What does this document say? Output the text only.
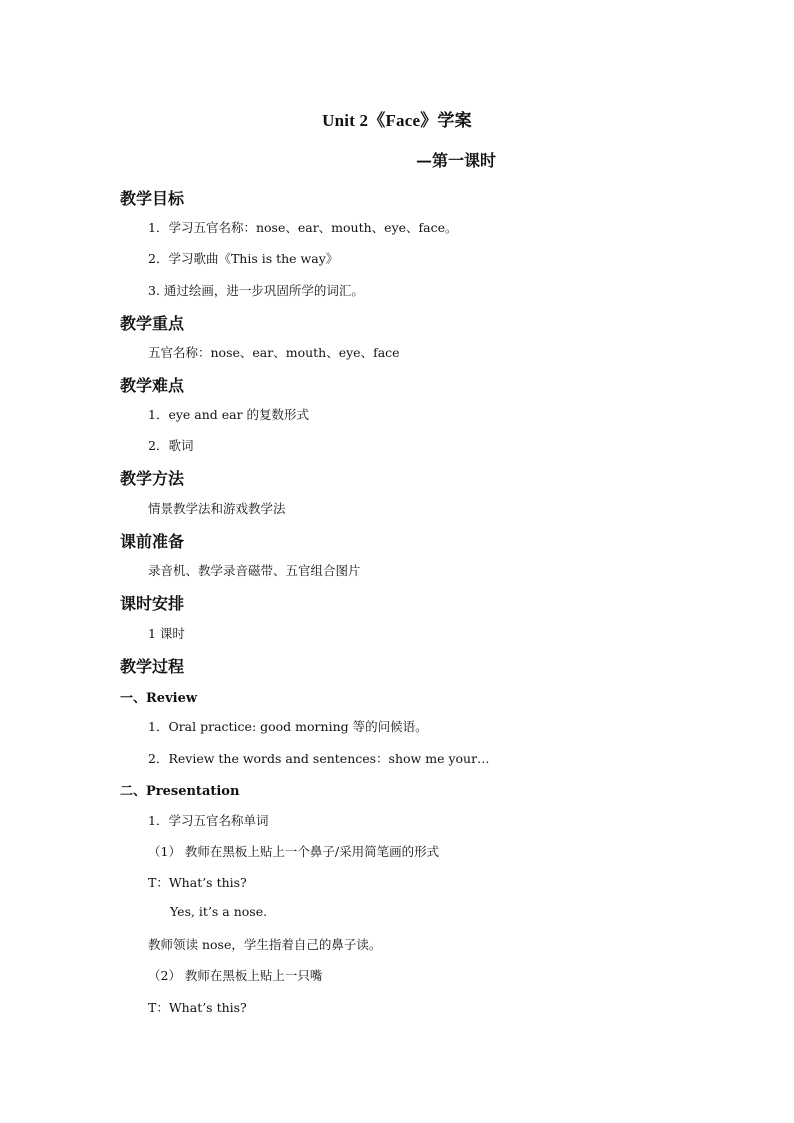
Unit 2《Face》学案
—第一课时
教学目标
1．学习五官名称：nose、ear、mouth、eye、face。
2．学习歌曲《This is the way》
3. 通过绘画，进一步巩固所学的词汇。
教学重点
五官名称：nose、ear、mouth、eye、face
教学难点
1．eye and ear 的复数形式
2．歌词
教学方法
情景教学法和游戏教学法
课前准备
录音机、教学录音磁带、五官组合图片
课时安排
1 课时
教学过程
一、Review
1．Oral practice: good morning 等的问候语。
2．Review the words and sentences：show me your…
二、Presentation
1．学习五官名称单词
（1） 教师在黑板上贴上一个鼻子/采用简笔画的形式
T：What’s this?
Yes, it’s a nose.
教师领读 nose，学生指着自己的鼻子读。
（2） 教师在黑板上贴上一只嘴
T：What’s this?
